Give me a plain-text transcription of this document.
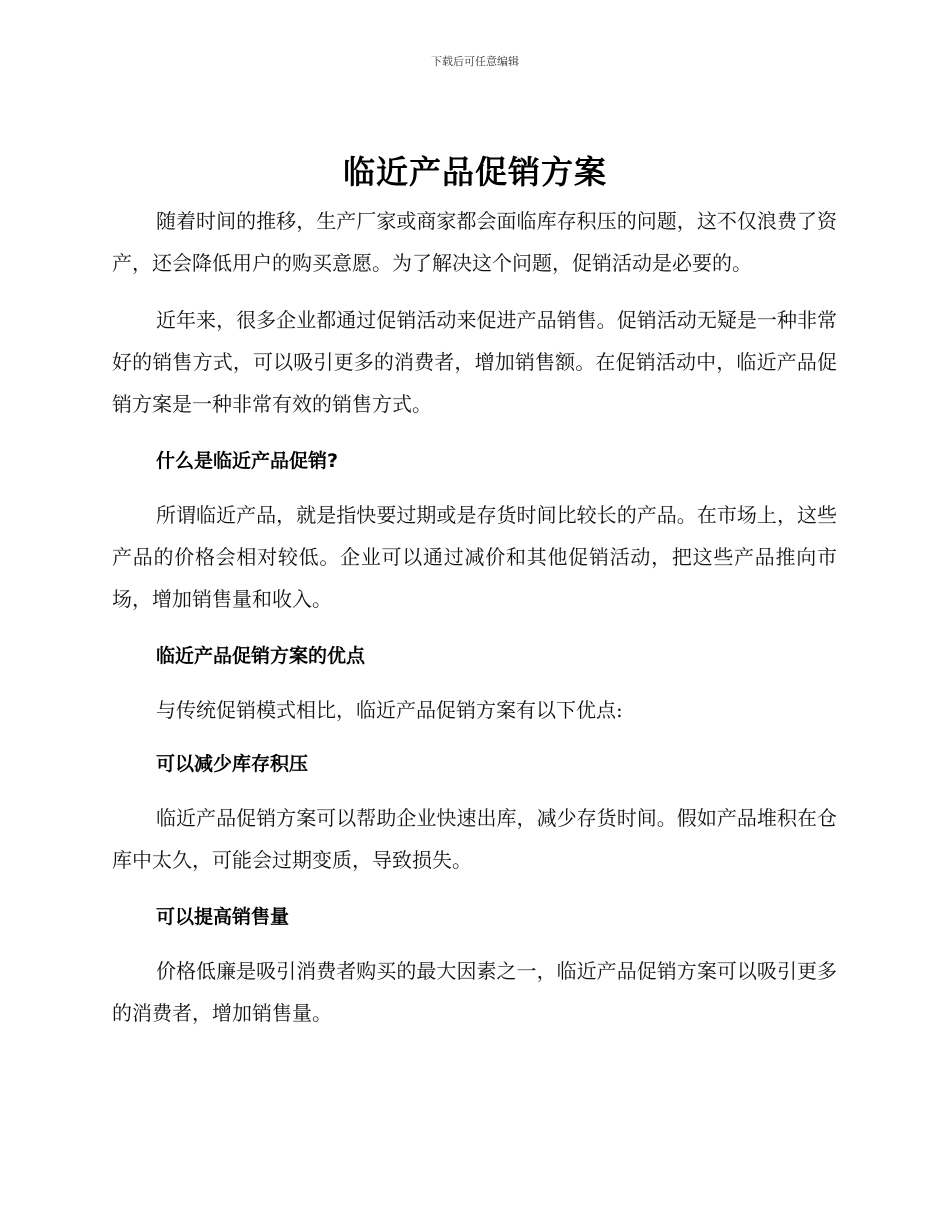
下载后可任意编辑
临近产品促销方案

随着时间的推移，生产厂家或商家都会面临库存积压的问题，这不仅浪费了资产，还会降低用户的购买意愿。为了解决这个问题，促销活动是必要的。

近年来，很多企业都通过促销活动来促进产品销售。促销活动无疑是一种非常好的销售方式，可以吸引更多的消费者，增加销售额。在促销活动中，临近产品促销方案是一种非常有效的销售方式。

什么是临近产品促销?

所谓临近产品，就是指快要过期或是存货时间比较长的产品。在市场上，这些产品的价格会相对较低。企业可以通过减价和其他促销活动，把这些产品推向市场，增加销售量和收入。

临近产品促销方案的优点

与传统促销模式相比，临近产品促销方案有以下优点:

可以减少库存积压

临近产品促销方案可以帮助企业快速出库，减少存货时间。假如产品堆积在仓库中太久，可能会过期变质，导致损失。

可以提高销售量

价格低廉是吸引消费者购买的最大因素之一，临近产品促销方案可以吸引更多的消费者，增加销售量。
